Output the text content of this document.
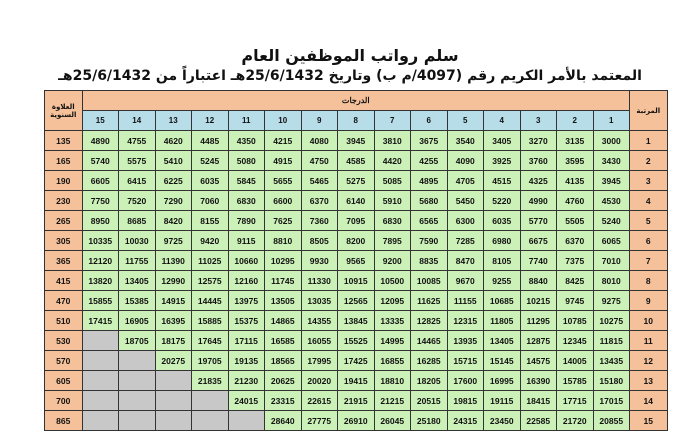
سلم رواتب الموظفين العام
المعتمد بالأمر الكريم رقم (4097/م ب) وتاريخ 25/6/1432هـ اعتباراً من 25/6/1432هـ
العلاوة السنوية	الدرجات															المرتبة

	15	14	13	12	11	10	9	8	7	6	5	4	3	2	1	
135	4890	4755	4620	4485	4350	4215	4080	3945	3810	3675	3540	3405	3270	3135	3000	1
165	5740	5575	5410	5245	5080	4915	4750	4585	4420	4255	4090	3925	3760	3595	3430	2
190	6605	6415	6225	6035	5845	5655	5465	5275	5085	4895	4705	4515	4325	4135	3945	3
230	7750	7520	7290	7060	6830	6600	6370	6140	5910	5680	5450	5220	4990	4760	4530	4
265	8950	8685	8420	8155	7890	7625	7360	7095	6830	6565	6300	6035	5770	5505	5240	5
305	10335	10030	9725	9420	9115	8810	8505	8200	7895	7590	7285	6980	6675	6370	6065	6
365	12120	11755	11390	11025	10660	10295	9930	9565	9200	8835	8470	8105	7740	7375	7010	7
415	13820	13405	12990	12575	12160	11745	11330	10915	10500	10085	9670	9255	8840	8425	8010	8
470	15855	15385	14915	14445	13975	13505	13035	12565	12095	11625	11155	10685	10215	9745	9275	9
510	17415	16905	16395	15885	15375	14865	14355	13845	13335	12825	12315	11805	11295	10785	10275	10
530		18705	18175	17645	17115	16585	16055	15525	14995	14465	13935	13405	12875	12345	11815	11
570			20275	19705	19135	18565	17995	17425	16855	16285	15715	15145	14575	14005	13435	12
605				21835	21230	20625	20020	19415	18810	18205	17600	16995	16390	15785	15180	13
700					24015	23315	22615	21915	21215	20515	19815	19115	18415	17715	17015	14
865						28640	27775	26910	26045	25180	24315	23450	22585	21720	20855	15
